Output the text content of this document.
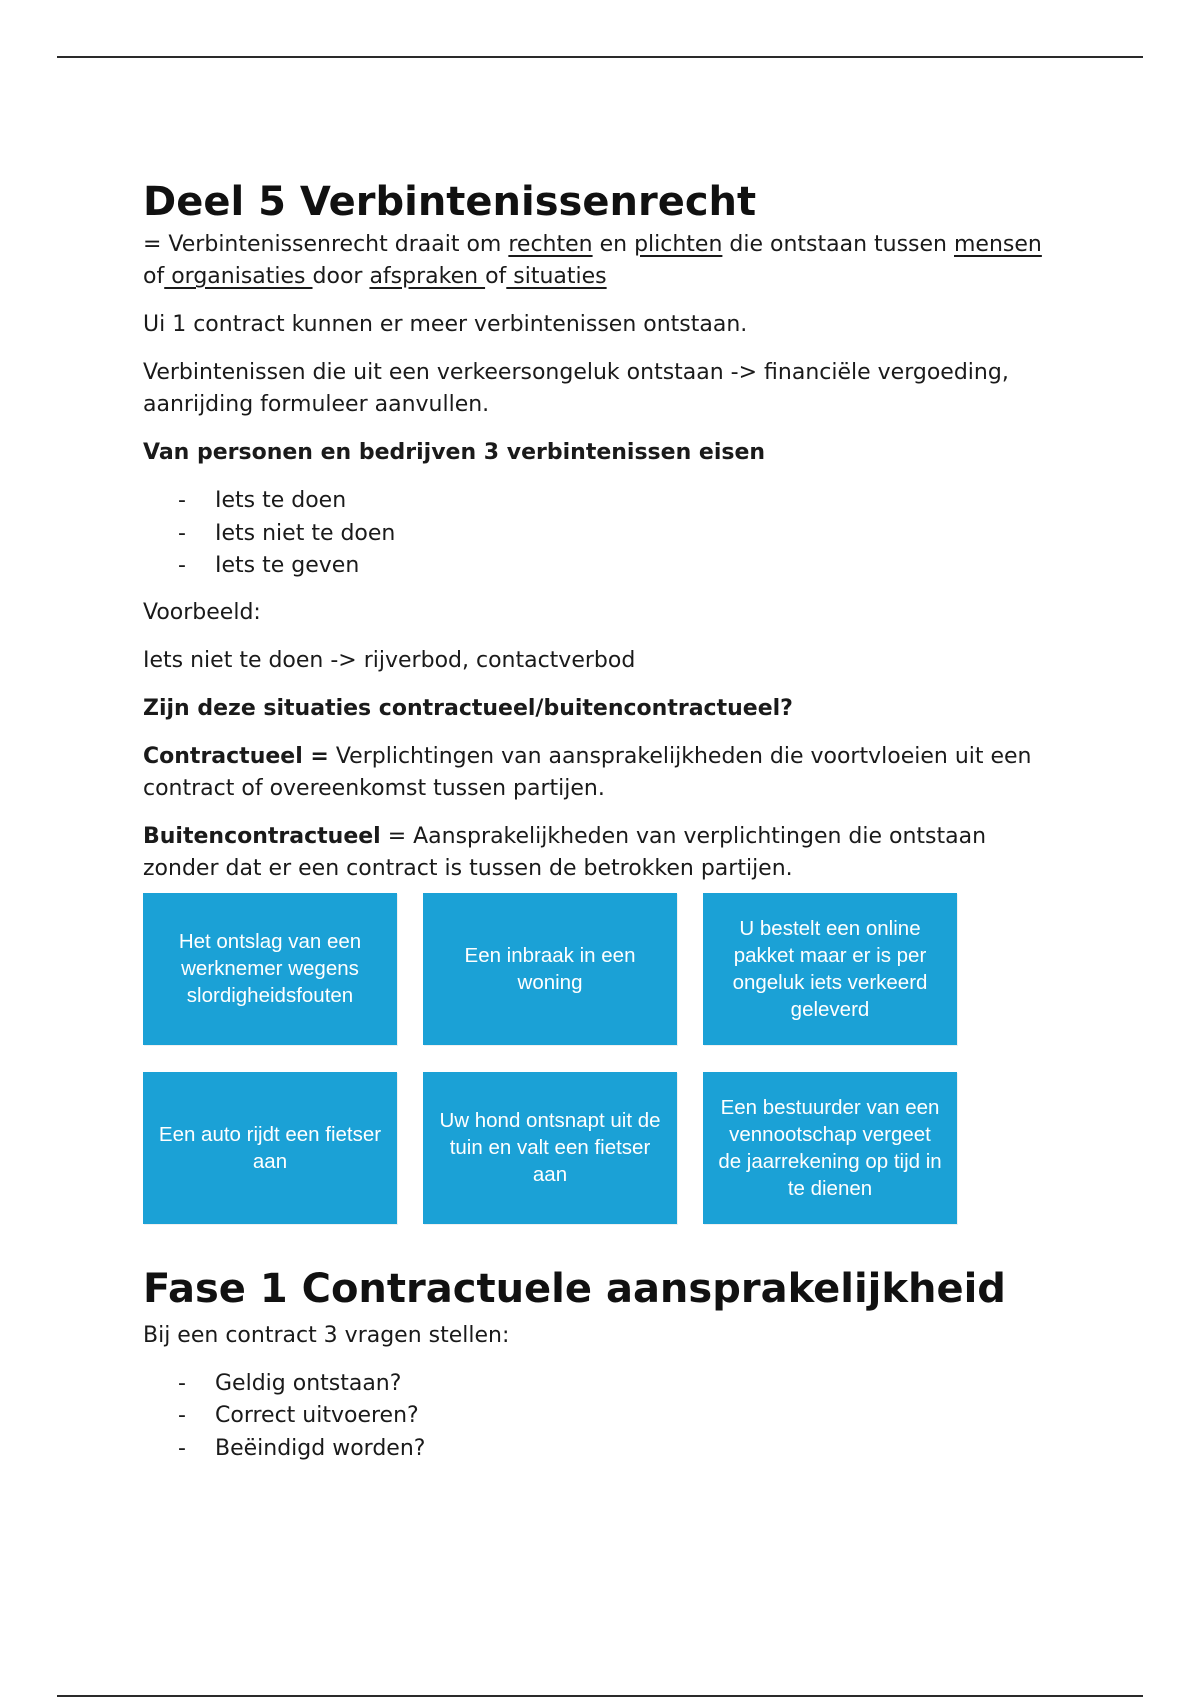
Deel 5 Verbintenissenrecht

= Verbintenissenrecht draait om rechten en plichten die ontstaan tussen mensen of organisaties door afspraken of situaties

Ui 1 contract kunnen er meer verbintenissen ontstaan.

Verbintenissen die uit een verkeersongeluk ontstaan -> financiële vergoeding, aanrijding formuleer aanvullen.

Van personen en bedrijven 3 verbintenissen eisen

- Iets te doen
- Iets niet te doen
- Iets te geven

Voorbeeld:

Iets niet te doen -> rijverbod, contactverbod

Zijn deze situaties contractueel/buitencontractueel?

Contractueel = Verplichtingen van aansprakelijkheden die voortvloeien uit een contract of overeenkomst tussen partijen.

Buitencontractueel = Aansprakelijkheden van verplichtingen die ontstaan zonder dat er een contract is tussen de betrokken partijen.

Het ontslag van een werknemer wegens slordigheidsfouten
Een inbraak in een woning
U bestelt een online pakket maar er is per ongeluk iets verkeerd geleverd
Een auto rijdt een fietser aan
Uw hond ontsnapt uit de tuin en valt een fietser aan
Een bestuurder van een vennootschap vergeet de jaarrekening op tijd in te dienen
Fase 1 Contractuele aansprakelijkheid

Bij een contract 3 vragen stellen:

- Geldig ontstaan?
- Correct uitvoeren?
- Beëindigd worden?
